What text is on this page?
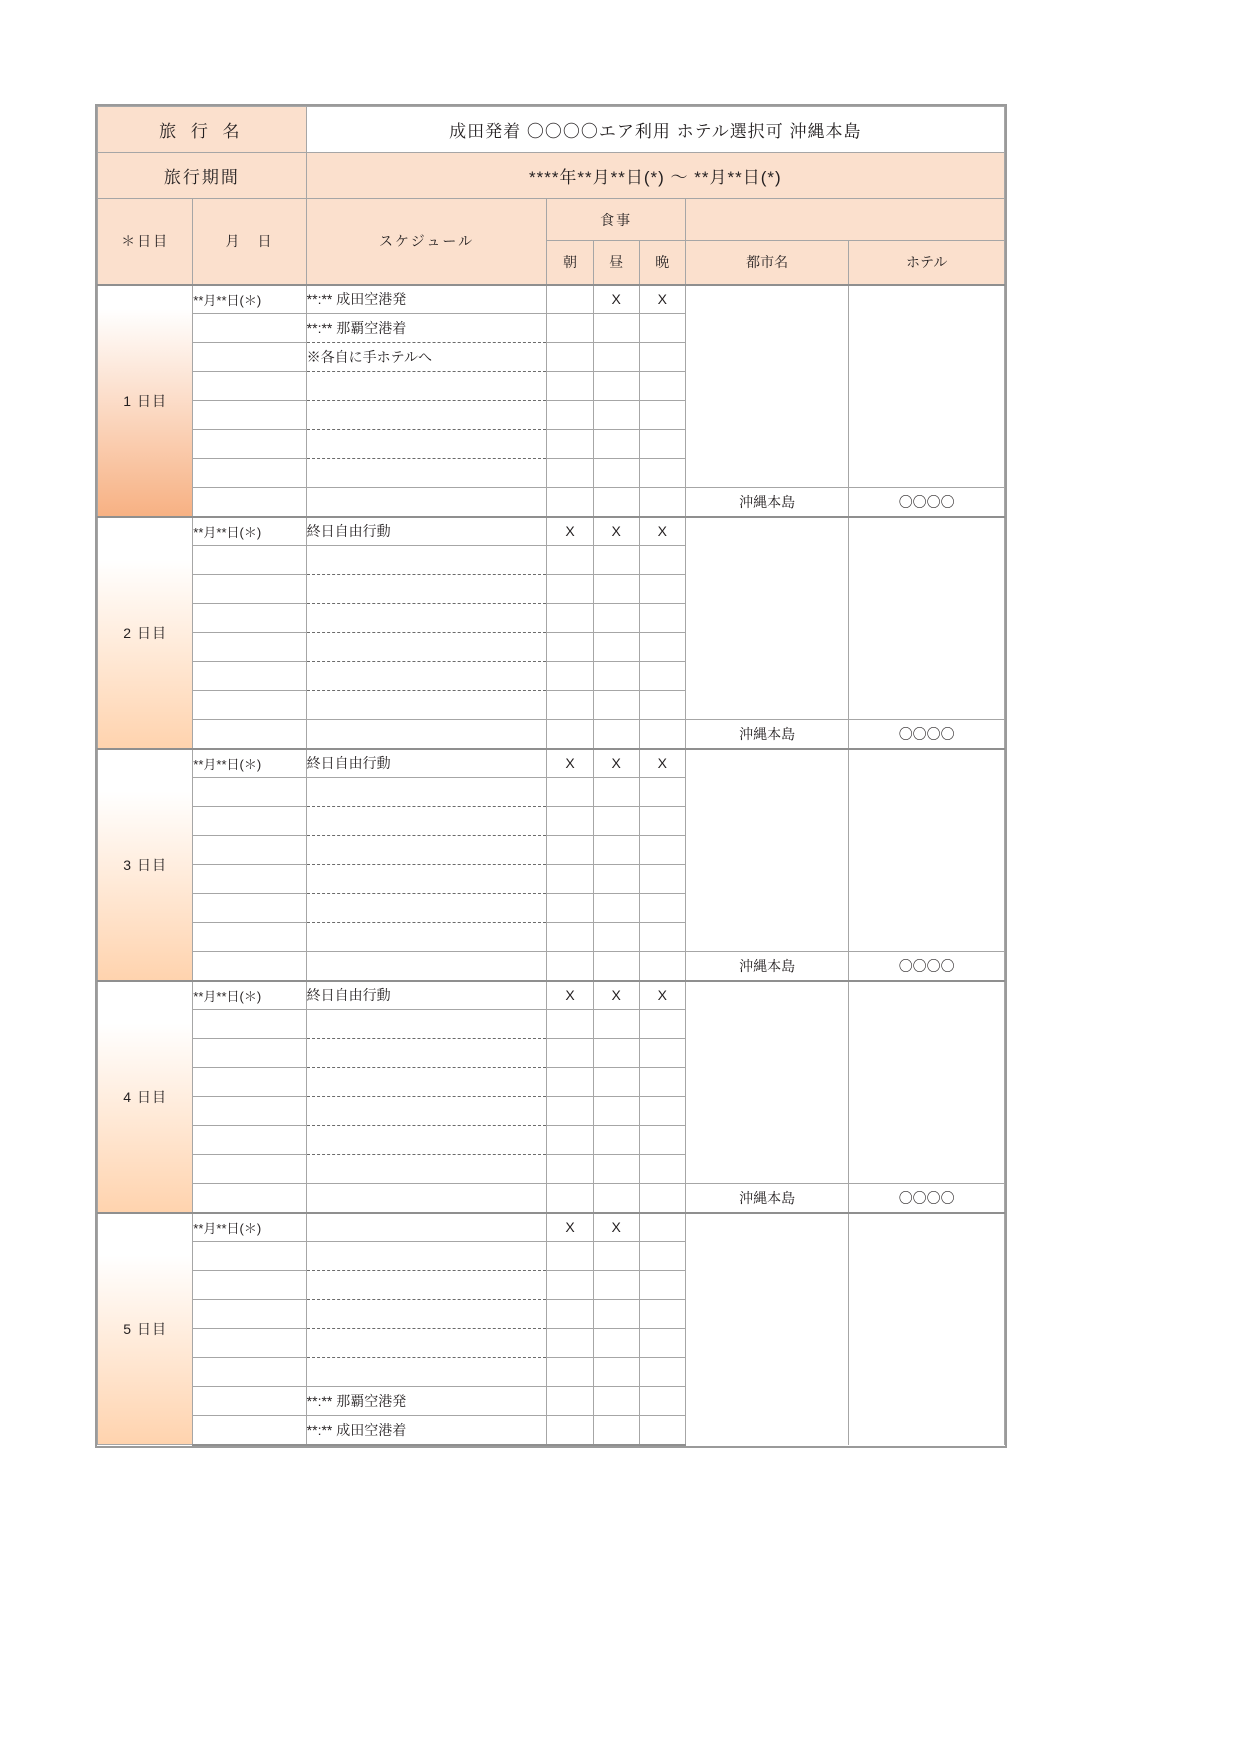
旅 行 名		成田発着 〇〇〇〇エア利用 ホテル選択可 沖縄本島					
旅行期間		****年**月**日(*) ～ **月**日(*)					
＊日目	月　日	スケジュール	食事				
			朝	昼	晩	都市名	ホテル
1 日目	**月**日(＊)	**:** 成田空港発		X	X		
		**:** 那覇空港着					
		※各自に手ホテルへ					

						沖縄本島	〇〇〇〇
2 日目	**月**日(＊)	終日自由行動	X	X	X		

						沖縄本島	〇〇〇〇
3 日目	**月**日(＊)	終日自由行動	X	X	X		

						沖縄本島	〇〇〇〇
4 日目	**月**日(＊)	終日自由行動	X	X	X		

						沖縄本島	〇〇〇〇
5 日目	**月**日(＊)		X	X			

		**:** 那覇空港発					
		**:** 成田空港着					
